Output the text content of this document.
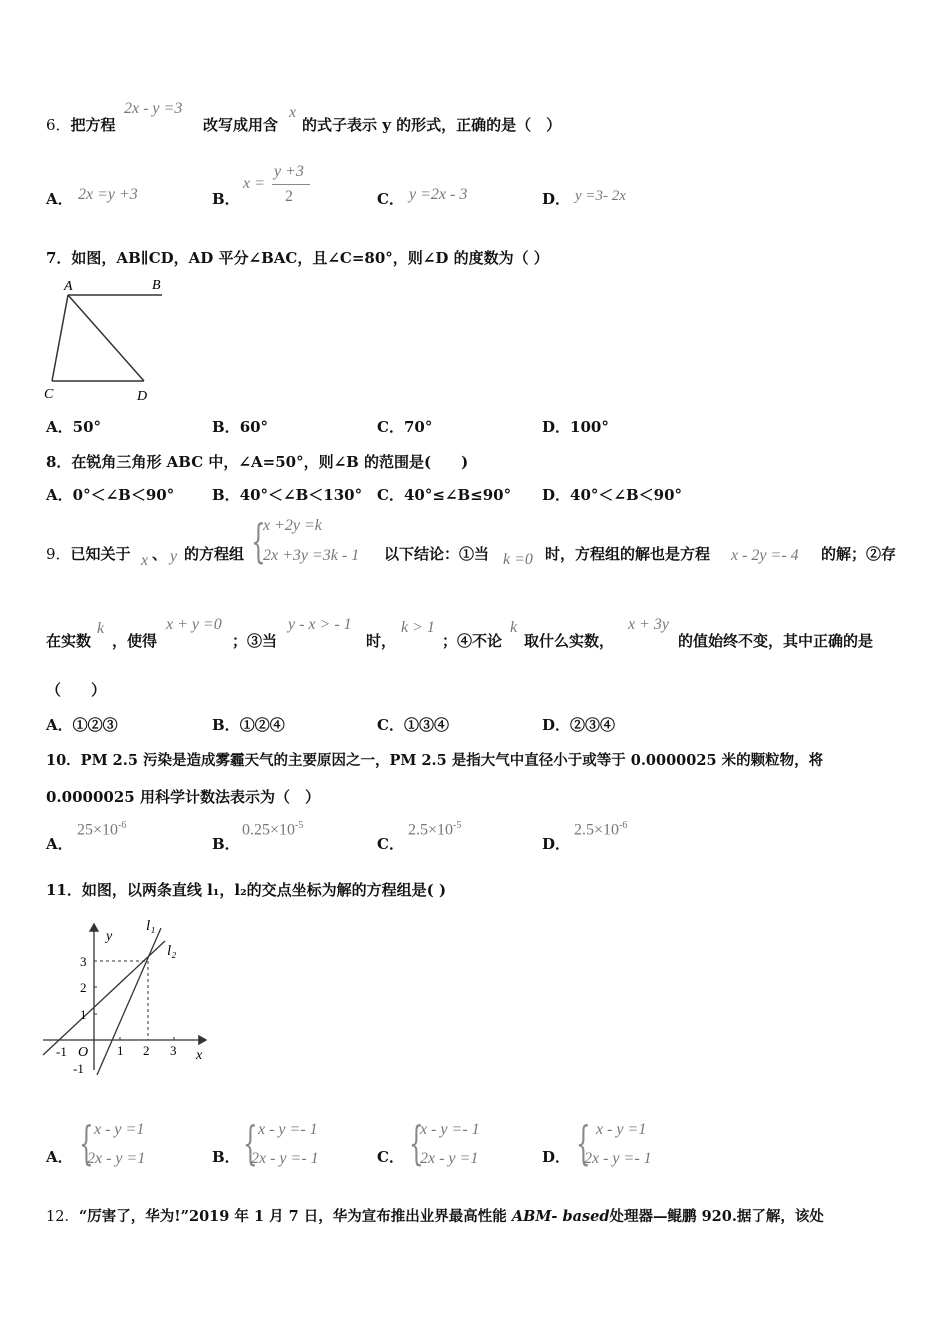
6．把方程
2x - y =3
改写成用含
x
的式子表示 y 的形式，正确的是（　）
A． 2x =y +3	B．
x =
y +3
2	C． y =2x - 3	D． y =3- 2x
7．如图，AB∥CD，AD 平分∠BAC，且∠C=80°，则∠D 的度数为（ ）
A	B
C	D
A．50°	B．60°	C．70°	D．100°
8．在锐角三角形 ABC 中，∠A=50°，则∠B 的范围是(　　)
A．0°＜∠B＜90°	B．40°＜∠B＜130° C．40°≤∠B≤90° D．40°＜∠B＜90°
9．已知关于 x 、 y 的方程组 {
x +2y =k
2x +3y =3k - 1 以下结论：①当 k =0 时，方程组的解也是方程 x - 2y =- 4 的解；②存
在实数
k
，使得
x + y =0
；③当
y - x > - 1
时，
k > 1
；④不论
k
取什么实数，
x + 3y
的值始终不变，其中正确的是
（　　）
A．①②③	B．①②④	C．①③④	D．②③④
10．PM 2.5 污染是造成雾霾天气的主要原因之一，PM 2.5 是指大气中直径小于或等于 0.0000025 米的颗粒物，将
0.0000025 用科学计数法表示为（　）
A．
$25\times 10^{-6}$
B．
$0.25\times 10^{-5}$
C．
$2.5\times 10^{-5}$
D．
$2.5\times 10^{-6}$
11．如图，以两条直线 l₁，l₂的交点坐标为解的方程组是( )
y
x
O
l₁
l₂
3
2
1
-1
1 2 3
-1
A． { x - y =1
2x - y =1	B． { x - y =- 1
2x - y =- 1	C． {
x - y =- 1
2x - y =1	D． { x - y =1
2x - y =- 1
12．“厉害了，华为!”2019 年 1 月 7 日，华为宣布推出业界最高性能 ABM- based处理器—鲲鹏 920.据了解，该处
